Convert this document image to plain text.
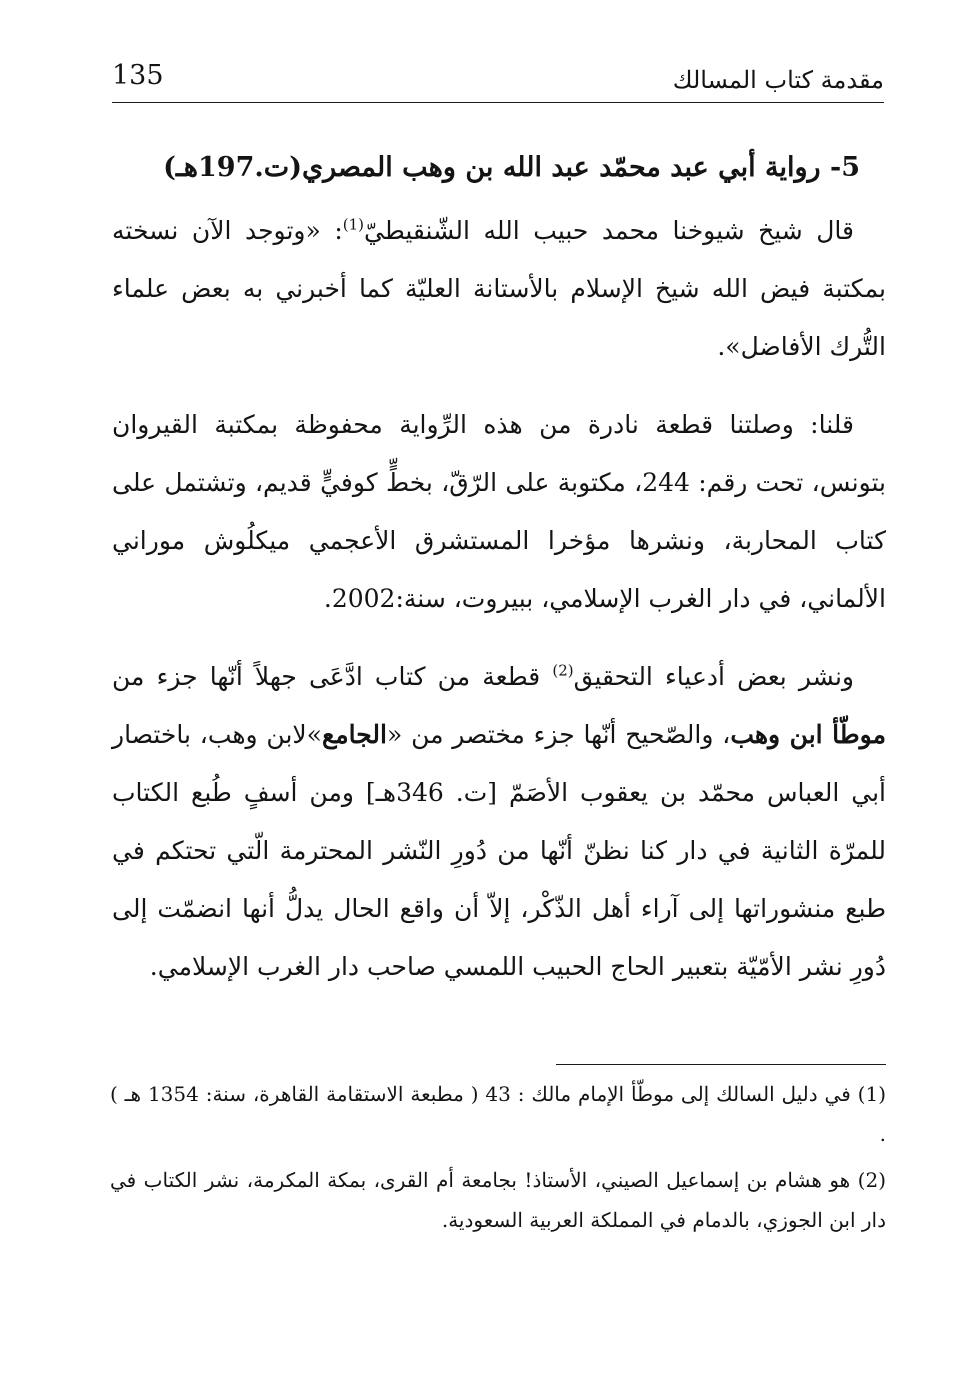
135	مقدمة كتاب المسالك
5- رواية أبي عبد محمّد عبد الله بن وهب المصري(ت.197هـ)

قال شيخ شيوخنا محمد حبيب الله الشّنقيطيّ$^{(1)}$: «وتوجد الآن نسخته بمكتبة فيض الله شيخ الإسلام بالأستانة العليّة كما أخبرني به بعض علماء التُّرك الأفاضل».

قلنا: وصلتنا قطعة نادرة من هذه الرِّواية محفوظة بمكتبة القيروان بتونس، تحت رقم: 244، مكتوبة على الرّقّ، بخطٍّ كوفيٍّ قديم، وتشتمل على كتاب المحاربة، ونشرها مؤخرا المستشرق الأعجمي ميكلُوش موراني الألماني، في دار الغرب الإسلامي، ببيروت، سنة:2002.

ونشر بعض أدعياء التحقيق$^{(2)}$ قطعة من كتاب ادَّعَى جهلاً أنّها جزء من موطّأ ابن وهب، والصّحيح أنّها جزء مختصر من «الجامع»لابن وهب، باختصار أبي العباس محمّد بن يعقوب الأصَمّ [ت. 346هـ] ومن أسفٍ طُبع الكتاب للمرّة الثانية في دار كنا نظنّ أنّها من دُورِ النّشر المحترمة الّتي تحتكم في طبع منشوراتها إلى آراء أهل الذّكْر، إلاّ أن واقع الحال يدلُّ أنها انضمّت إلى دُورِ نشر الأمّيّة بتعبير الحاج الحبيب اللمسي صاحب دار الغرب الإسلامي.

(1) في دليل السالك إلى موطّأ الإمام مالك : 43 ( مطبعة الاستقامة القاهرة، سنة: 1354 هـ ) .

(2) هو هشام بن إسماعيل الصيني، الأستاذ! بجامعة أم القرى، بمكة المكرمة، نشر الكتاب في دار ابن الجوزي، بالدمام في المملكة العربية السعودية.
